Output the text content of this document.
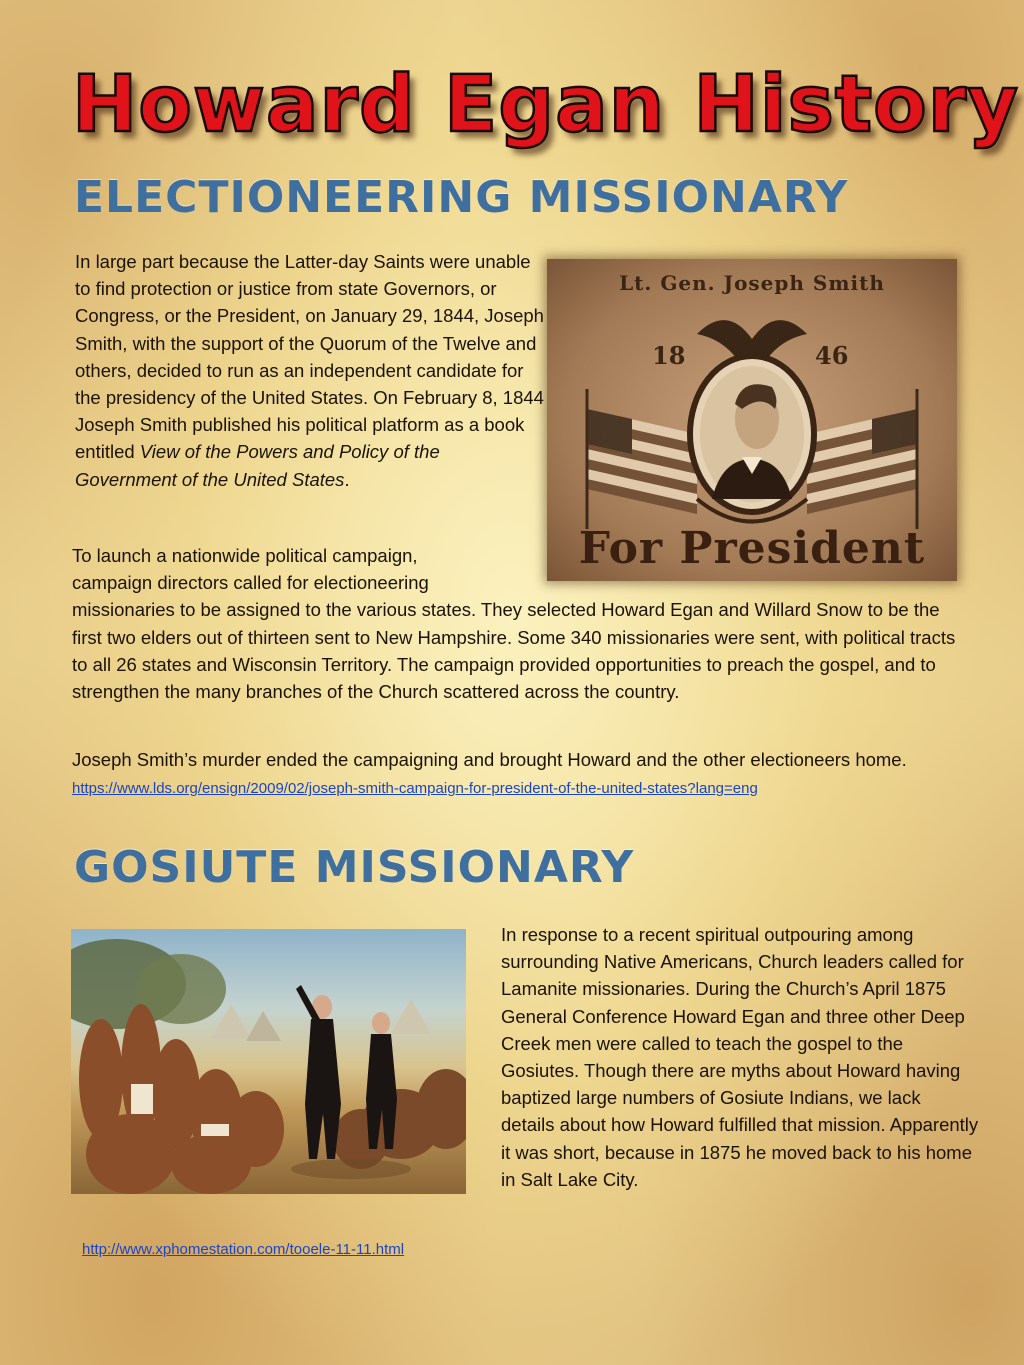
Howard Egan History
ELECTIONEERING MISSIONARY

In large part because the Latter-day Saints were unable to find protection or justice from state Governors, or Congress, or the President, on January 29, 1844, Joseph Smith, with the support of the Quorum of the Twelve and others, decided to run as an independent candidate for the presidency of the United States. On February 8, 1844 Joseph Smith published his political platform as a book entitled View of the Powers and Policy of the Government of the United States.

Lt. Gen. Joseph Smith
18	46
For President

To launch a nationwide political campaign, campaign directors called for electioneering missionaries to be assigned to the various states. They selected Howard Egan and Willard Snow to be the first two elders out of thirteen sent to New Hampshire. Some 340 missionaries were sent, with political tracts to all 26 states and Wisconsin Territory. The campaign provided opportunities to preach the gospel, and to strengthen the many branches of the Church scattered across the country.

Joseph Smith’s murder ended the campaigning and brought Howard and the other electioneers home.     https://www.lds.org/ensign/2009/02/joseph-smith-campaign-for-president-of-the-united-states?lang=eng

GOSIUTE MISSIONARY

In response to a recent spiritual outpouring among surrounding Native Americans, Church leaders called for Lamanite missionaries. During the Church’s April 1875 General Conference Howard Egan and three other Deep Creek men were called to teach the gospel to the Gosiutes. Though there are myths about Howard having baptized large numbers of Gosiute Indians, we lack details about how Howard fulfilled that mission. Apparently it was short, because in 1875 he moved back to his home in Salt Lake City.

http://www.xphomestation.com/tooele-11-11.html
